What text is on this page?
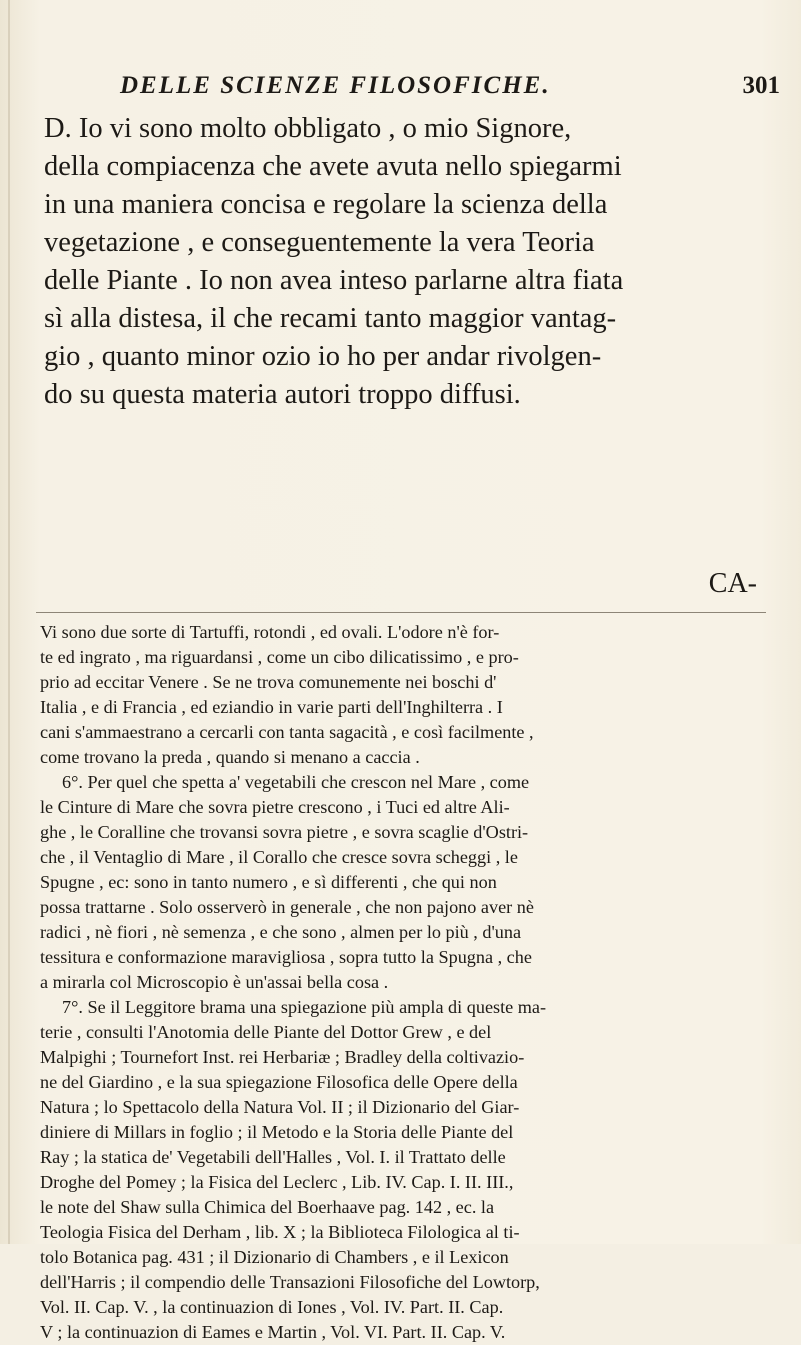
DELLE SCIENZE FILOSOFICHE.	301

D. Io vi sono molto obbligato , o mio Signore,
della compiacenza che avete avuta nello spiegarmi
in una maniera concisa e regolare la scienza della
vegetazione , e conseguentemente la vera Teoria
delle Piante . Io non avea inteso parlarne altra fiata
sì alla distesa, il che recami tanto maggior vantag-
gio , quanto minor ozio io ho per andar rivolgen-
do su questa materia autori troppo diffusi.

CA-
Vi sono due sorte di Tartuffi, rotondi , ed ovali. L'odore n'è for-
te ed ingrato , ma riguardansi , come un cibo dilicatissimo , e pro-
prio ad eccitar Venere . Se ne trova comunemente nei boschi d'
Italia , e di Francia , ed eziandio in varie parti dell'Inghilterra . I
cani s'ammaestrano a cercarli con tanta sagacità , e così facilmente ,
come trovano la preda , quando si menano a caccia .
6°. Per quel che spetta a' vegetabili che crescon nel Mare , come
le Cinture di Mare che sovra pietre crescono , i Tuci ed altre Ali-
ghe , le Coralline che trovansi sovra pietre , e sovra scaglie d'Ostri-
che , il Ventaglio di Mare , il Corallo che cresce sovra scheggi , le
Spugne , ec: sono in tanto numero , e sì differenti , che qui non
possa trattarne . Solo osserverò in generale , che non pajono aver nè
radici , nè fiori , nè semenza , e che sono , almen per lo più , d'una
tessitura e conformazione maravigliosa , sopra tutto la Spugna , che
a mirarla col Microscopio è un'assai bella cosa .
7°. Se il Leggitore brama una spiegazione più ampla di queste ma-
terie , consulti l'Anotomia delle Piante del Dottor Grew , e del
Malpighi ; Tournefort Inst. rei Herbariæ ; Bradley della coltivazio-
ne del Giardino , e la sua spiegazione Filosofica delle Opere della
Natura ; lo Spettacolo della Natura Vol. II ; il Dizionario del Giar-
diniere di Millars in foglio ; il Metodo e la Storia delle Piante del
Ray ; la statica de' Vegetabili dell'Halles , Vol. I. il Trattato delle
Droghe del Pomey ; la Fisica del Leclerc , Lib. IV. Cap. I. II. III.,
le note del Shaw sulla Chimica del Boerhaave pag. 142 , ec. la
Teologia Fisica del Derham , lib. X ; la Biblioteca Filologica al ti-
tolo Botanica pag. 431 ; il Dizionario di Chambers , e il Lexicon
dell'Harris ; il compendio delle Transazioni Filosofiche del Lowtorp,
Vol. II. Cap. V. , la continuazion di Iones , Vol. IV. Part. II. Cap.
V ; la continuazion di Eames e Martin , Vol. VI. Part. II. Cap. V.
